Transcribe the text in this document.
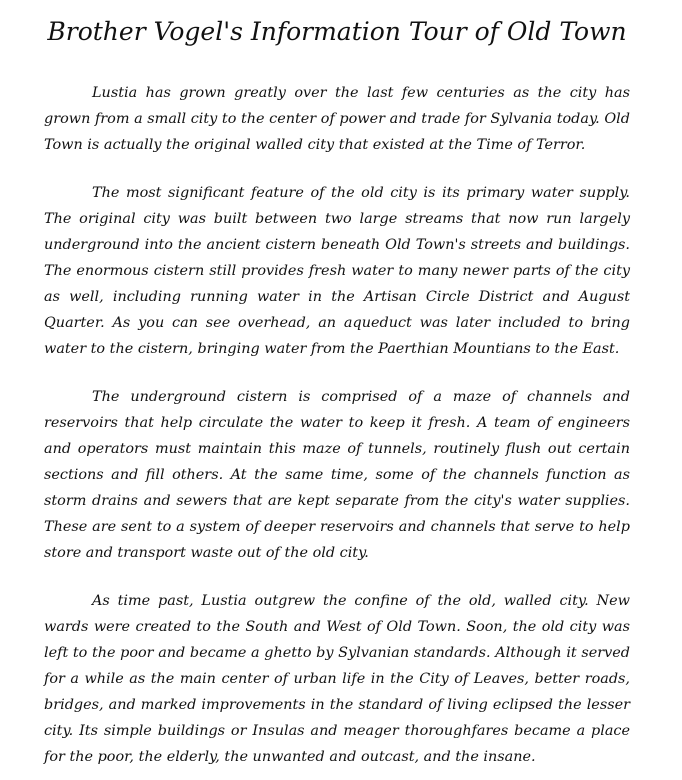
Brother Vogel's Information Tour of Old Town

Lustia has grown greatly over the last few centuries as the city has grown from a small city to the center of power and trade for Sylvania today. Old Town is actually the original walled city that existed at the Time of Terror.

The most significant feature of the old city is its primary water supply. The original city was built between two large streams that now run largely underground into the ancient cistern beneath Old Town's streets and buildings. The enormous cistern still provides fresh water to many newer parts of the city as well, including running water in the Artisan Circle District and August Quarter. As you can see overhead, an aqueduct was later included to bring water to the cistern, bringing water from the Paerthian Mountians to the East.

The underground cistern is comprised of a maze of channels and reservoirs that help circulate the water to keep it fresh. A team of engineers and operators must maintain this maze of tunnels, routinely flush out certain sections and fill others. At the same time, some of the channels function as storm drains and sewers that are kept separate from the city's water supplies. These are sent to a system of deeper reservoirs and channels that serve to help store and transport waste out of the old city.

As time past, Lustia outgrew the confine of the old, walled city. New wards were created to the South and West of Old Town. Soon, the old city was left to the poor and became a ghetto by Sylvanian standards. Although it served for a while as the main center of urban life in the City of Leaves, better roads, bridges, and marked improvements in the standard of living eclipsed the lesser city. Its simple buildings or Insulas and meager thoroughfares became a place for the poor, the elderly, the unwanted and outcast, and the insane.
